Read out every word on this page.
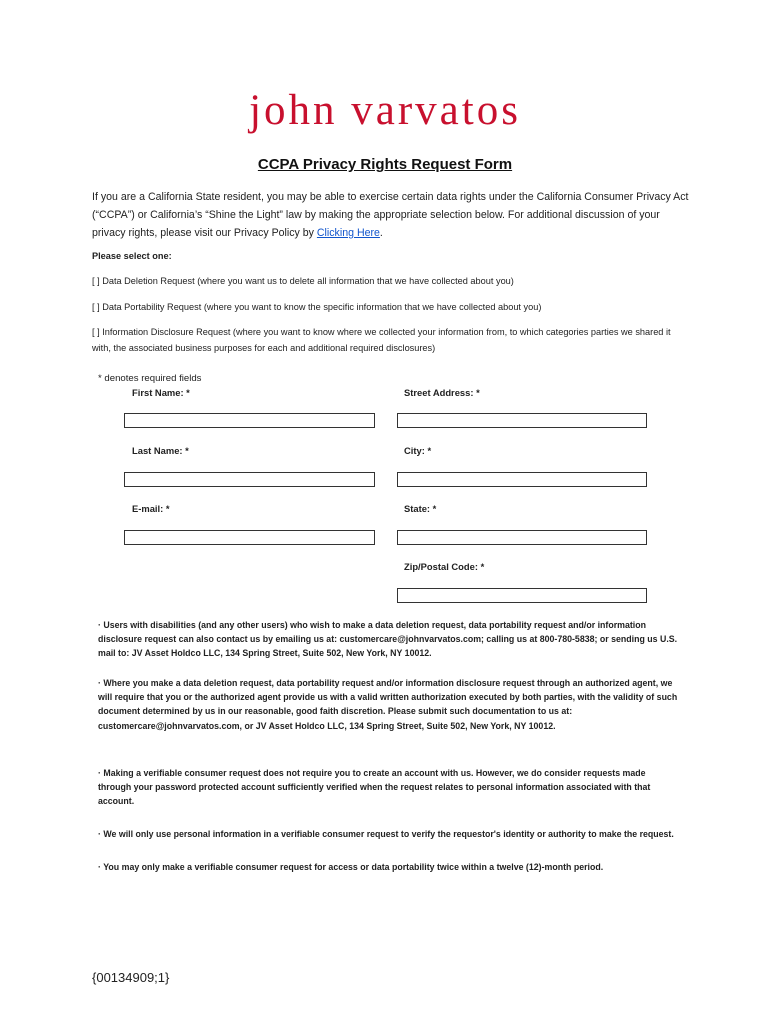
john varvatos
CCPA Privacy Rights Request Form
If you are a California State resident, you may be able to exercise certain data rights under the California Consumer Privacy Act (“CCPA”) or California’s “Shine the Light” law by making the appropriate selection below. For additional discussion of your privacy rights, please visit our Privacy Policy by Clicking Here.
Please select one:
[ ] Data Deletion Request (where you want us to delete all information that we have collected about you)
[ ] Data Portability Request (where you want to know the specific information that we have collected about you)
[ ] Information Disclosure Request (where you want to know where we collected your information from, to which categories parties we shared it with, the associated business purposes for each and additional required disclosures)
* denotes required fields
First Name: *
Last Name: *
E-mail: *
Street Address: *
City: *
State: *
Zip/Postal Code: *
· Users with disabilities (and any other users) who wish to make a data deletion request, data portability request and/or information disclosure request can also contact us by emailing us at: customercare@johnvarvatos.com; calling us at 800-780-5838; or sending us U.S. mail to: JV Asset Holdco LLC, 134 Spring Street, Suite 502, New York, NY 10012.
· Where you make a data deletion request, data portability request and/or information disclosure request through an authorized agent, we will require that you or the authorized agent provide us with a valid written authorization executed by both parties, with the validity of such document determined by us in our reasonable, good faith discretion. Please submit such documentation to us at: customercare@johnvarvatos.com, or JV Asset Holdco LLC, 134 Spring Street, Suite 502, New York, NY 10012.
· Making a verifiable consumer request does not require you to create an account with us. However, we do consider requests made through your password protected account sufficiently verified when the request relates to personal information associated with that account.
· We will only use personal information in a verifiable consumer request to verify the requestor's identity or authority to make the request.
· You may only make a verifiable consumer request for access or data portability twice within a twelve (12)-month period.
{00134909;1}
